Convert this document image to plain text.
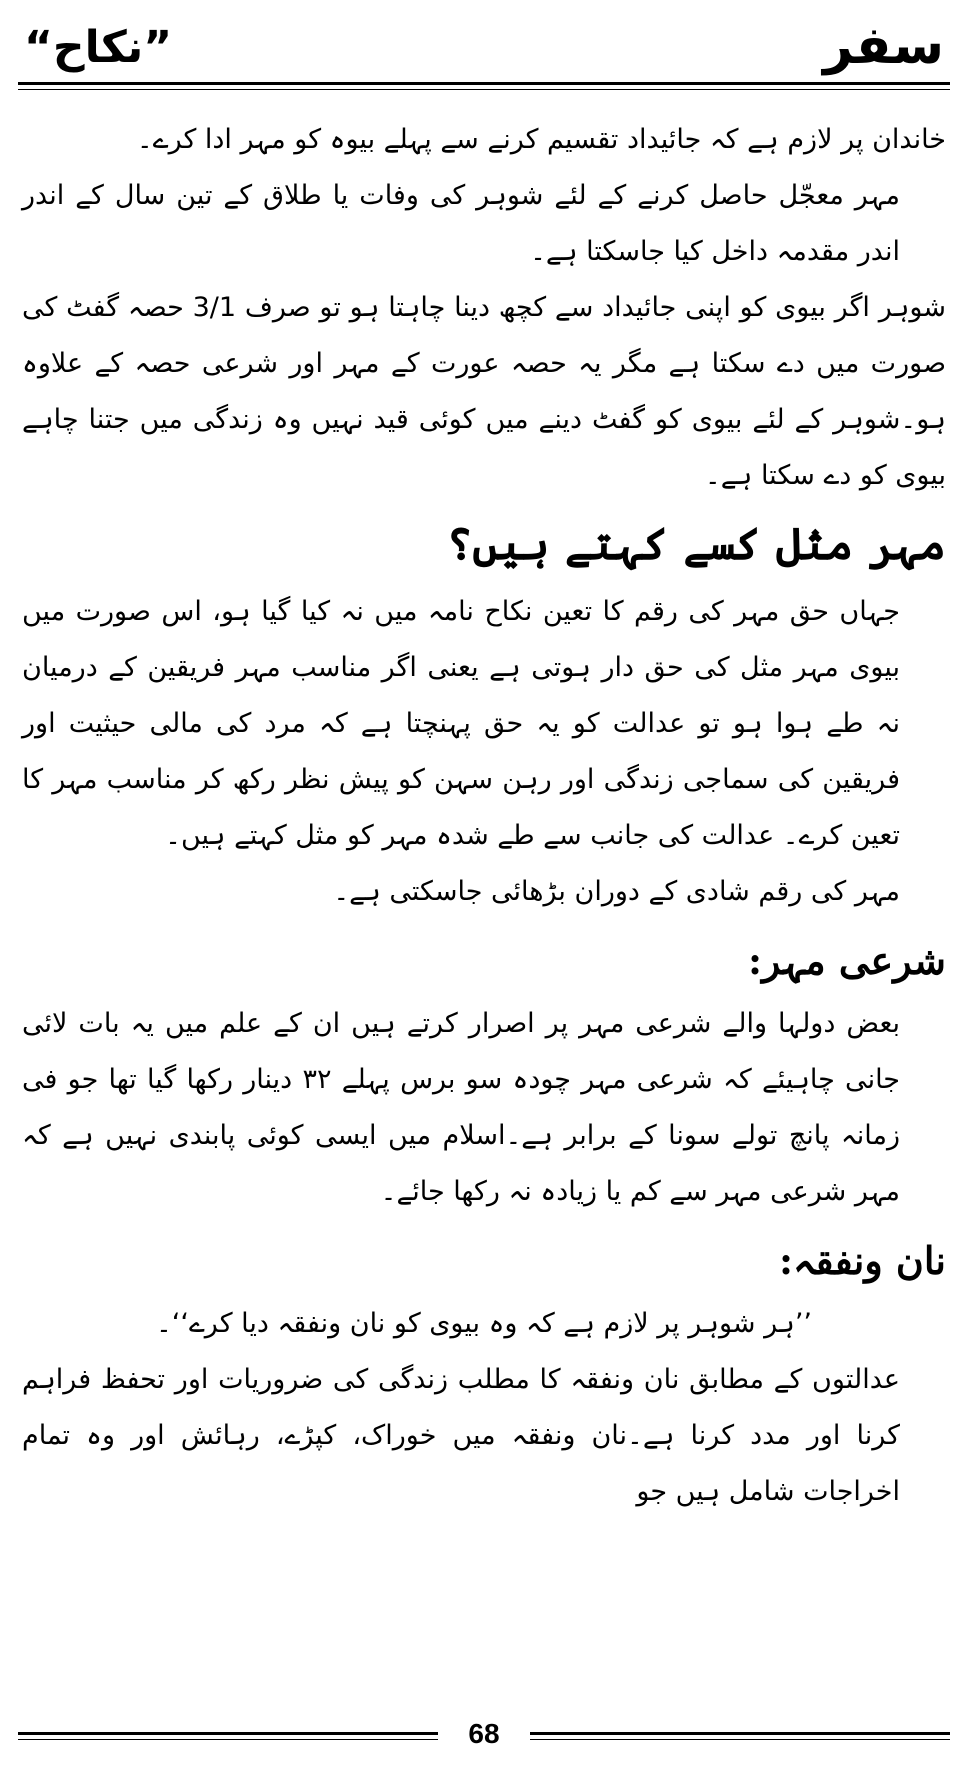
”نکاح“	سفر

خاندان پر لازم ہے کہ جائیداد تقسیم کرنے سے پہلے بیوہ کو مہر ادا کرے۔

مہر معجّل حاصل کرنے کے لئے شوہر کی وفات یا طلاق کے تین سال کے اندر اندر مقدمہ داخل کیا جاسکتا ہے۔

شوہر اگر بیوی کو اپنی جائیداد سے کچھ دینا چاہتا ہو تو صرف 3/1 حصہ گفٹ کی صورت میں دے سکتا ہے مگر یہ حصہ عورت کے مہر اور شرعی حصہ کے علاوہ ہو۔شوہر کے لئے بیوی کو گفٹ دینے میں کوئی قید نہیں وہ زندگی میں جتنا چاہے بیوی کو دے سکتا ہے۔

مہر مثل کسے کہتے ہیں؟

جہاں حق مہر کی رقم کا تعین نکاح نامہ میں نہ کیا گیا ہو، اس صورت میں بیوی مہر مثل کی حق دار ہوتی ہے یعنی اگر مناسب مہر فریقین کے درمیان نہ طے ہوا ہو تو عدالت کو یہ حق پہنچتا ہے کہ مرد کی مالی حیثیت اور فریقین کی سماجی زندگی اور رہن سہن کو پیش نظر رکھ کر مناسب مہر کا تعین کرے۔ عدالت کی جانب سے طے شدہ مہر کو مثل کہتے ہیں۔

مہر کی رقم شادی کے دوران بڑھائی جاسکتی ہے۔

شرعی مہر:

بعض دولہا والے شرعی مہر پر اصرار کرتے ہیں ان کے علم میں یہ بات لائی جانی چاہیئے کہ شرعی مہر چودہ سو برس پہلے ۳۲ دینار رکھا گیا تھا جو فی زمانہ پانچ تولے سونا کے برابر ہے۔اسلام میں ایسی کوئی پابندی نہیں ہے کہ مہر شرعی مہر سے کم یا زیادہ نہ رکھا جائے۔

نان ونفقہ:

’’ہر شوہر پر لازم ہے کہ وہ بیوی کو نان ونفقہ دیا کرے‘‘۔

عدالتوں کے مطابق نان ونفقہ کا مطلب زندگی کی ضروریات اور تحفظ فراہم کرنا اور مدد کرنا ہے۔نان ونفقہ میں خوراک، کپڑے، رہائش اور وہ تمام اخراجات شامل ہیں جو

68
